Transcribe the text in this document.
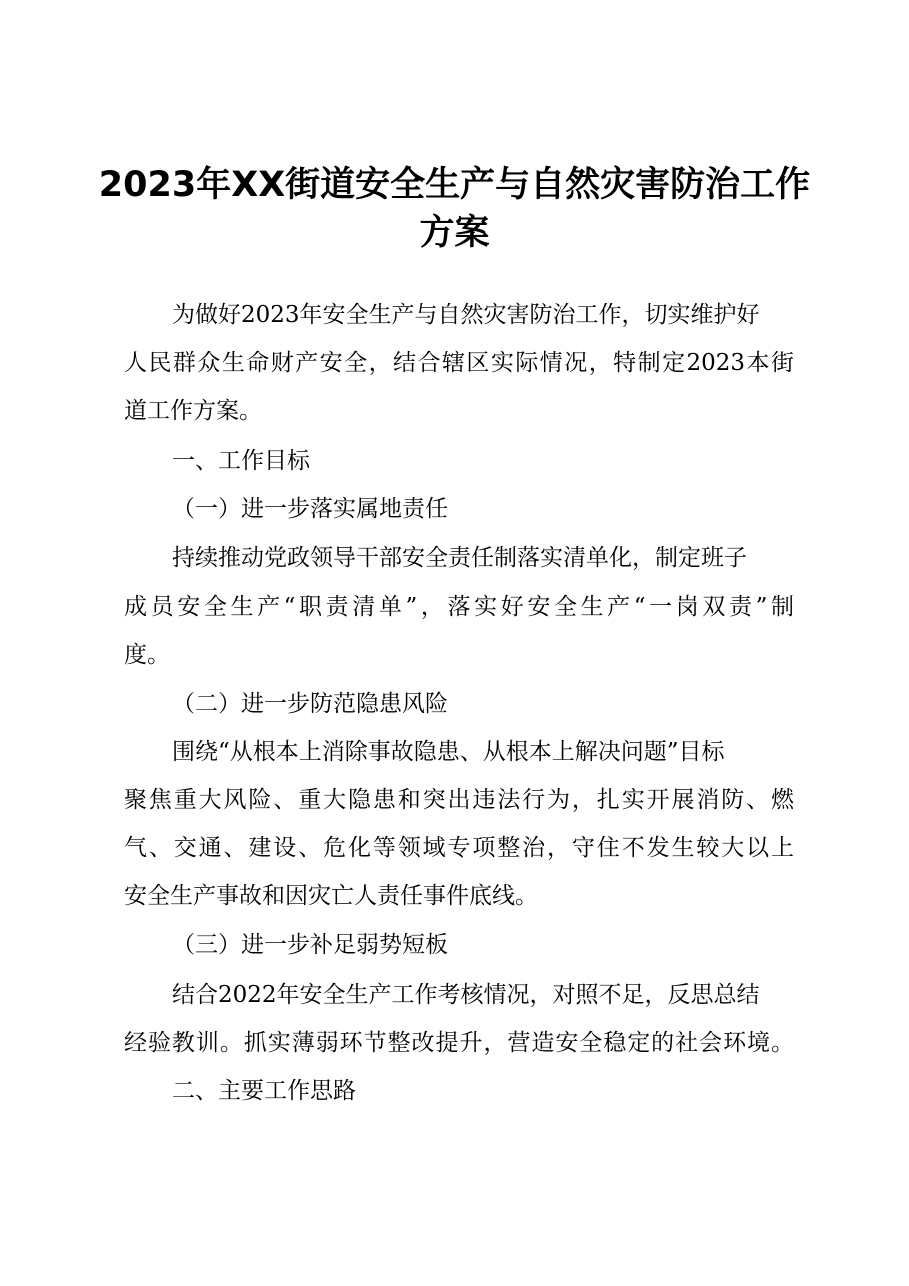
2023年XX街道安全生产与自然灾害防治工作
方案
为做好2023年安全生产与自然灾害防治工作，切实维护好
人民群众生命财产安全，结合辖区实际情况，特制定2023本街
道工作方案。
一、工作目标
（一）进一步落实属地责任
持续推动党政领导干部安全责任制落实清单化，制定班子
成员安全生产“职责清单”，落实好安全生产“一岗双责”制
度。
（二）进一步防范隐患风险
围绕“从根本上消除事故隐患、从根本上解决问题”目标
聚焦重大风险、重大隐患和突出违法行为，扎实开展消防、燃
气、交通、建设、危化等领域专项整治，守住不发生较大以上
安全生产事故和因灾亡人责任事件底线。
（三）进一步补足弱势短板
结合2022年安全生产工作考核情况，对照不足，反思总结
经验教训。抓实薄弱环节整改提升，营造安全稳定的社会环境。
二、主要工作思路
